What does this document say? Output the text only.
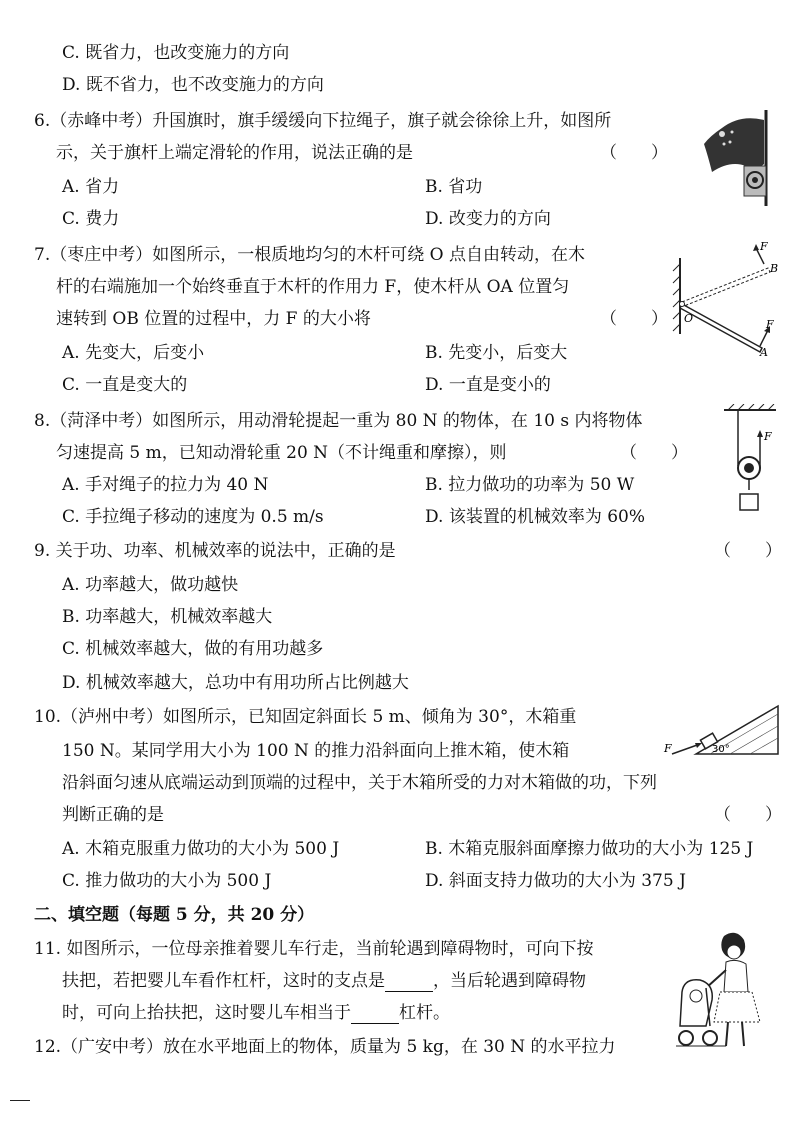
C. 既省力，也改变施力的方向
D. 既不省力，也不改变施力的方向
6.（赤峰中考）升国旗时，旗手缓缓向下拉绳子，旗子就会徐徐上升，如图所
示，关于旗杆上端定滑轮的作用，说法正确的是	（　　）
A. 省力	B. 省功
C. 费力	D. 改变力的方向
7.（枣庄中考）如图所示，一根质地均匀的木杆可绕 O 点自由转动，在木
杆的右端施加一个始终垂直于木杆的作用力 F，使木杆从 OA 位置匀
速转到 OB 位置的过程中，力 F 的大小将	（　　）
A. 先变大，后变小	B. 先变小，后变大
C. 一直是变大的	D. 一直是变小的
F
B
O	F
A
8.（菏泽中考）如图所示，用动滑轮提起一重为 80 N 的物体，在 10 s 内将物体
匀速提高 5 m，已知动滑轮重 20 N（不计绳重和摩擦），则	（　　）
A. 手对绳子的拉力为 40 N	B. 拉力做功的功率为 50 W
C. 手拉绳子移动的速度为 0.5 m/s	D. 该装置的机械效率为 60%
F
9. 关于功、功率、机械效率的说法中，正确的是	（　　）
A. 功率越大，做功越快
B. 功率越大，机械效率越大
C. 机械效率越大，做的有用功越多
D. 机械效率越大，总功中有用功所占比例越大
10.（泸州中考）如图所示，已知固定斜面长 5 m、倾角为 30°，木箱重
150 N。某同学用大小为 100 N 的推力沿斜面向上推木箱，使木箱
沿斜面匀速从底端运动到顶端的过程中，关于木箱所受的力对木箱做的功，下列
判断正确的是	（　　）
A. 木箱克服重力做功的大小为 500 J	B. 木箱克服斜面摩擦力做功的大小为 125 J
C. 推力做功的大小为 500 J	D. 斜面支持力做功的大小为 375 J
F	30°
二、填空题（每题 5 分，共 20 分）
11. 如图所示，一位母亲推着婴儿车行走，当前轮遇到障碍物时，可向下按
扶把，若把婴儿车看作杠杆，这时的支点是	，当后轮遇到障碍物
时，可向上抬扶把，这时婴儿车相当于	杠杆。
12.（广安中考）放在水平地面上的物体，质量为 5 kg，在 30 N 的水平拉力
